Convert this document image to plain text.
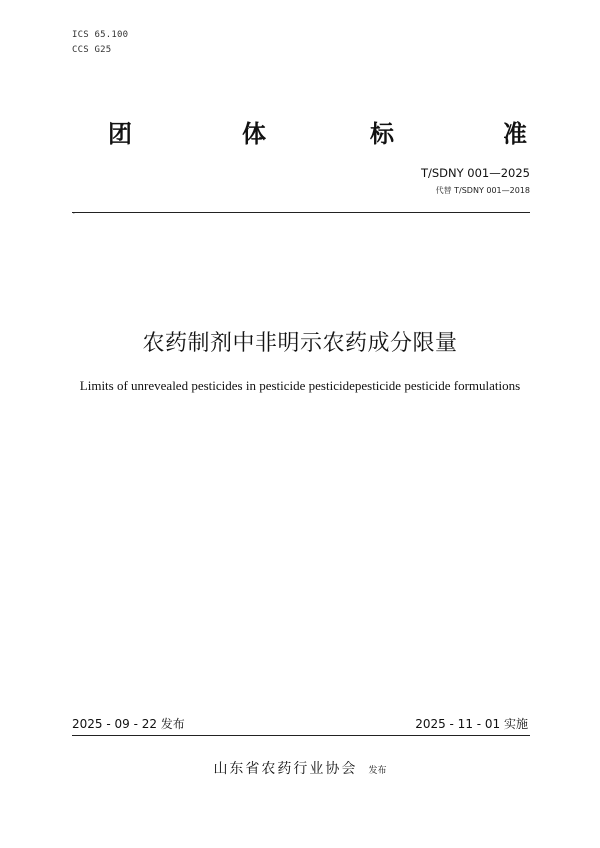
ICS 65.100
CCS G25
团	体	标	准
T/SDNY 001—2025
代替 T/SDNY 001—2018
、
农药制剂中非明示农药成分限量
Limits of unrevealed pesticides in pesticide pesticidepesticide pesticide formulations
2025 - 09 - 22 发布	2025 - 11 - 01 实施
山东省农药行业协会 发布
